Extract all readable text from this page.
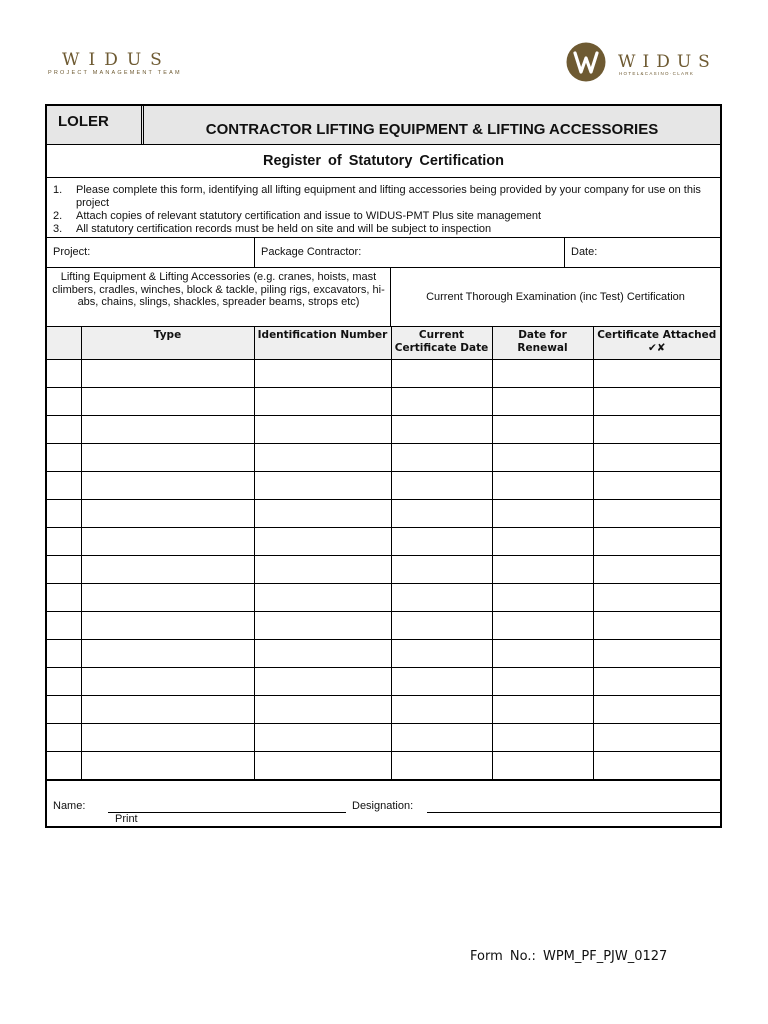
WIDUS
PROJECT MANAGEMENT TEAM
WIDUS
HOTEL&CASINO·CLARK
LOLER	CONTRACTOR LIFTING EQUIPMENT & LIFTING ACCESSORIES
Register of Statutory Certification
1.	Please complete this form, identifying all lifting equipment and lifting accessories being provided by your company for use on this project
2.	Attach copies of relevant statutory certification and issue to WIDUS-PMT Plus site management
3.	All statutory certification records must be held on site and will be subject to inspection
Project:	Package Contractor:	Date:
Lifting Equipment & Lifting Accessories (e.g. cranes, hoists, mast climbers, cradles, winches, block & tackle, piling rigs, excavators, hi-abs, chains, slings, shackles, spreader beams, strops etc)	Current Thorough Examination (inc Test) Certification
	Type	Identification Number	Current Certificate Date	Date for Renewal	Certificate Attached ✔✘

Name:
Print
Designation:
Form No.: WPM_PF_PJW_0127
